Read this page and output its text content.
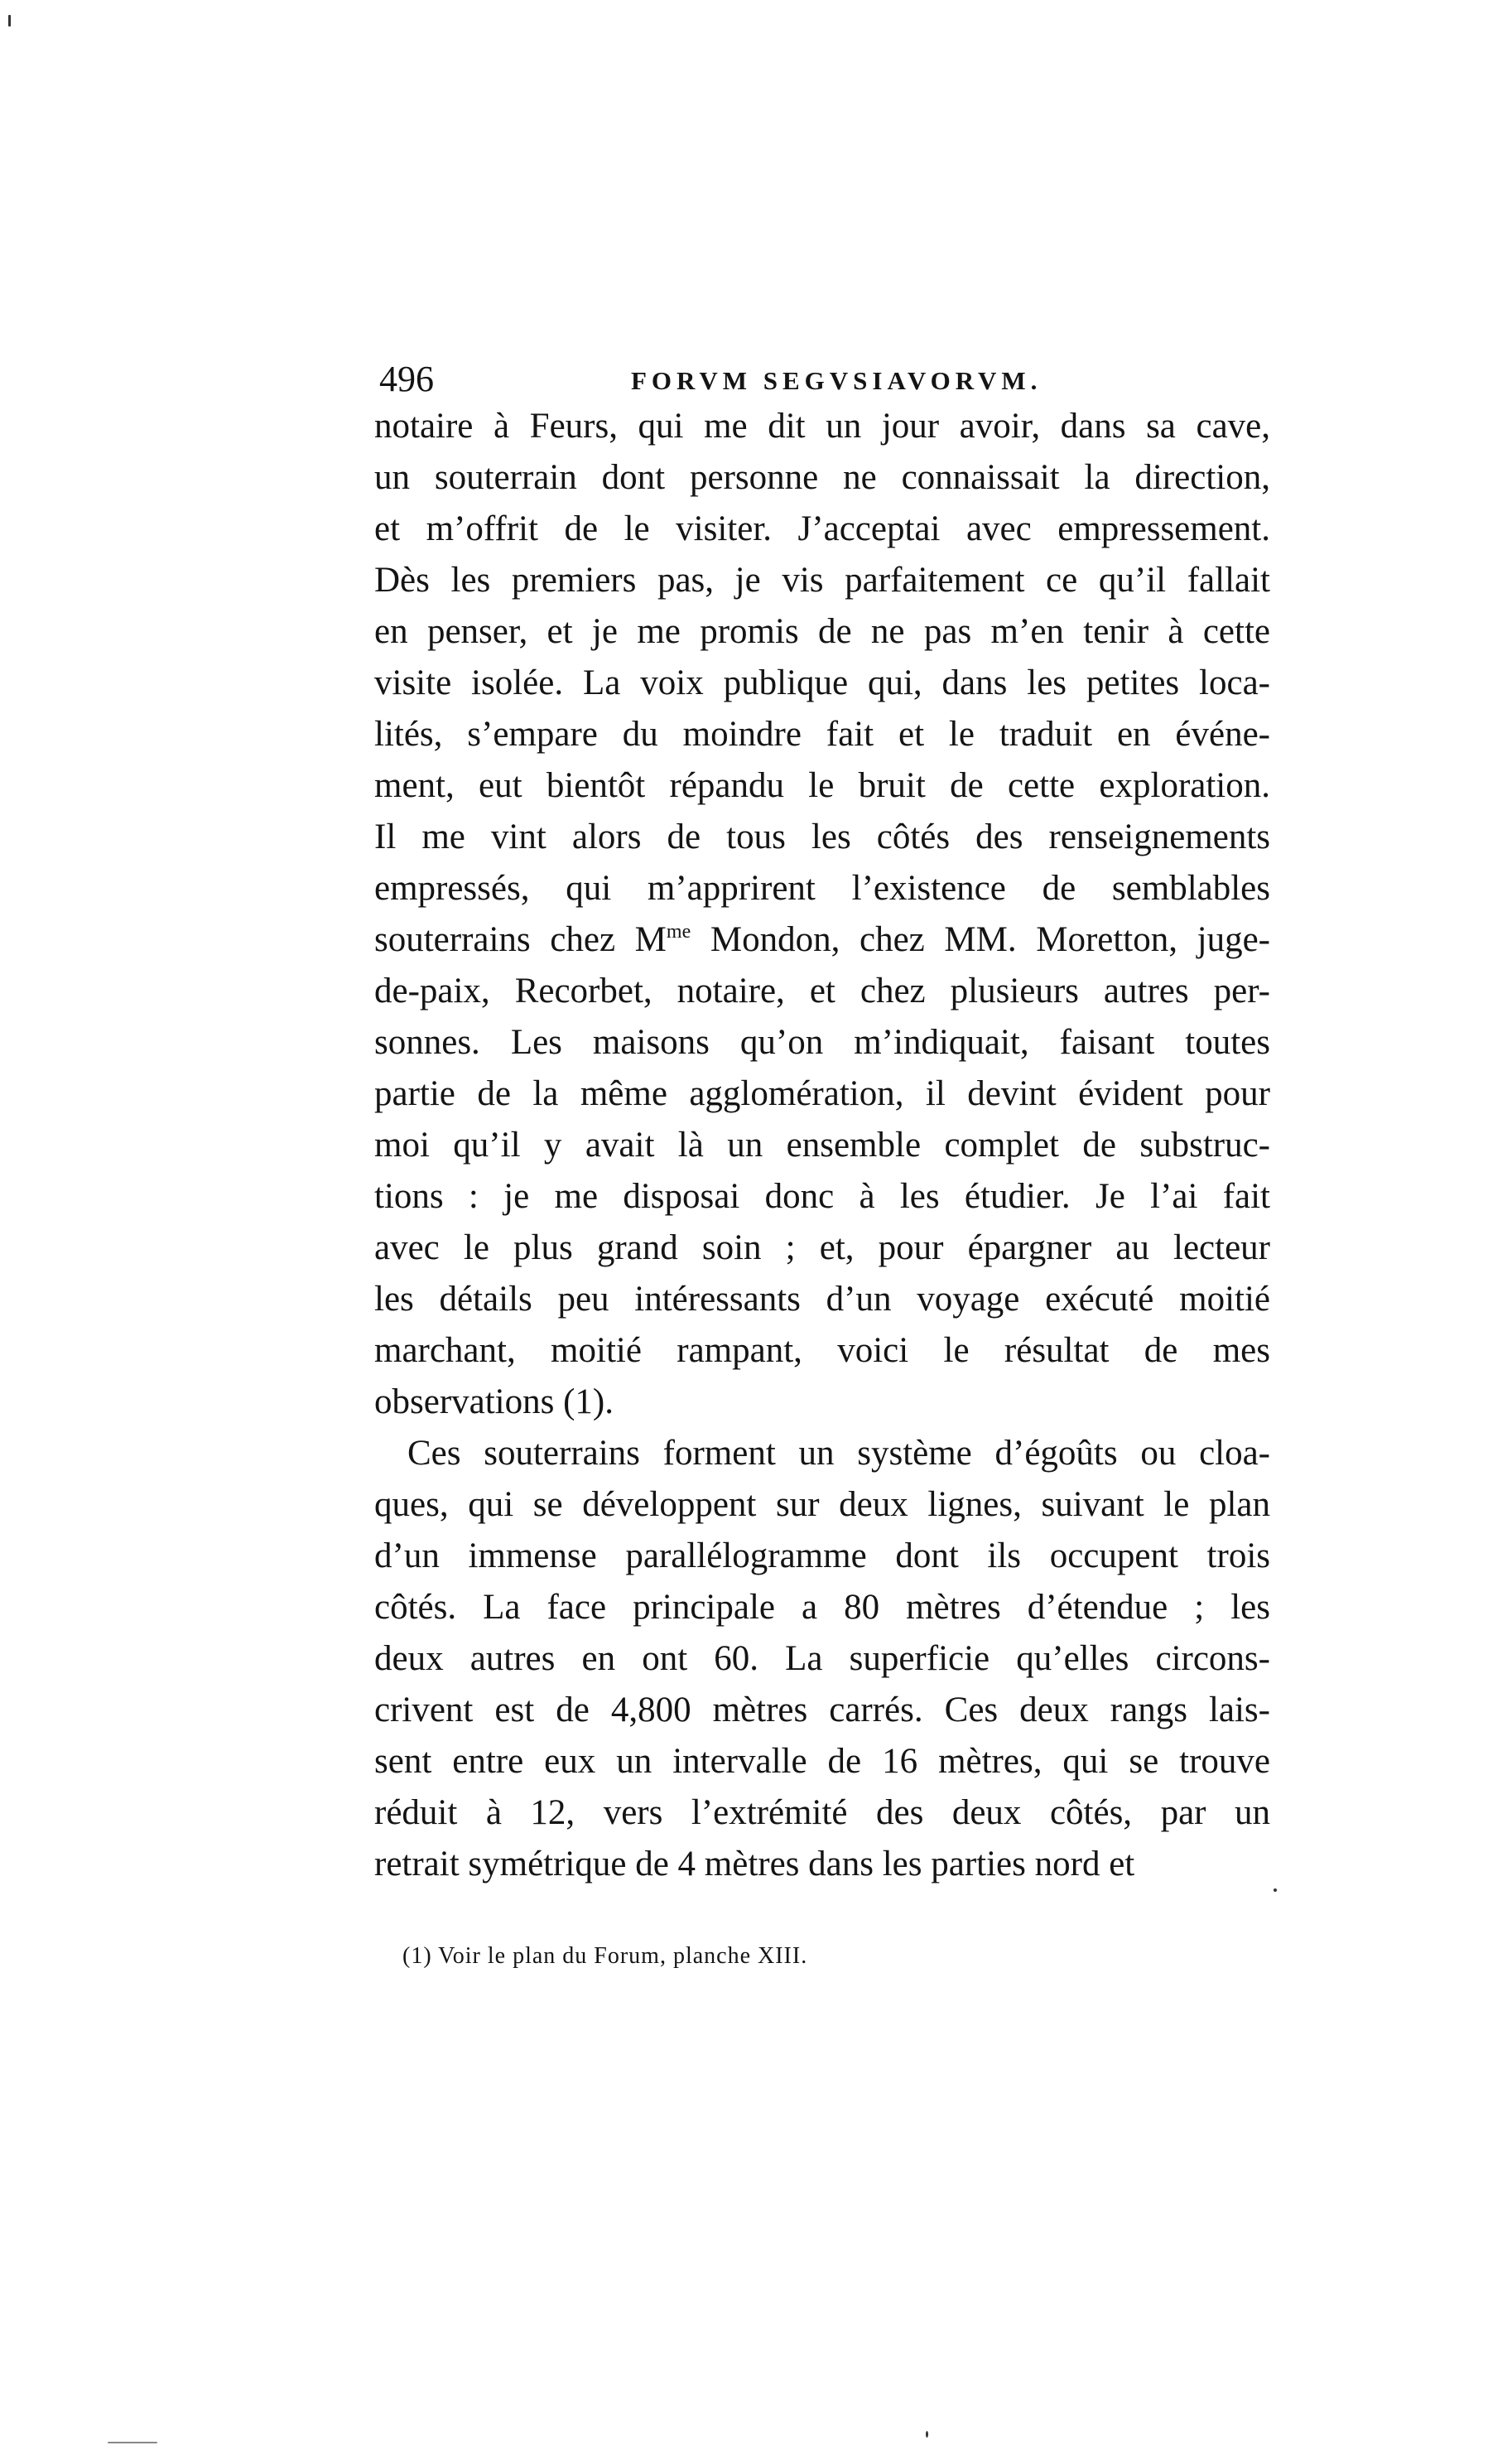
496	FORVM SEGVSIAVORVM.
notaire à Feurs, qui me dit un jour avoir, dans sa cave,
un souterrain dont personne ne connaissait la direction,
et m’offrit de le visiter. J’acceptai avec empressement.
Dès les premiers pas, je vis parfaitement ce qu’il fallait
en penser, et je me promis de ne pas m’en tenir à cette
visite isolée. La voix publique qui, dans les petites loca-
lités, s’empare du moindre fait et le traduit en événe-
ment, eut bientôt répandu le bruit de cette exploration.
Il me vint alors de tous les côtés des renseignements
empressés, qui m’apprirent l’existence de semblables
souterrains chez $M^{me}$ Mondon, chez MM. Moretton, juge-
de-paix, Recorbet, notaire, et chez plusieurs autres per-
sonnes. Les maisons qu’on m’indiquait, faisant toutes
partie de la même agglomération, il devint évident pour
moi qu’il y avait là un ensemble complet de substruc-
tions : je me disposai donc à les étudier. Je l’ai fait
avec le plus grand soin ; et, pour épargner au lecteur
les détails peu intéressants d’un voyage exécuté moitié
marchant, moitié rampant, voici le résultat de mes
observations (1).
Ces souterrains forment un système d’égoûts ou cloa-
ques, qui se développent sur deux lignes, suivant le plan
d’un immense parallélogramme dont ils occupent trois
côtés. La face principale a 80 mètres d’étendue ; les
deux autres en ont 60. La superficie qu’elles circons-
crivent est de 4,800 mètres carrés. Ces deux rangs lais-
sent entre eux un intervalle de 16 mètres, qui se trouve
réduit à 12, vers l’extrémité des deux côtés, par un
retrait symétrique de 4 mètres dans les parties nord et
(1) Voir le plan du Forum, planche XIII.
